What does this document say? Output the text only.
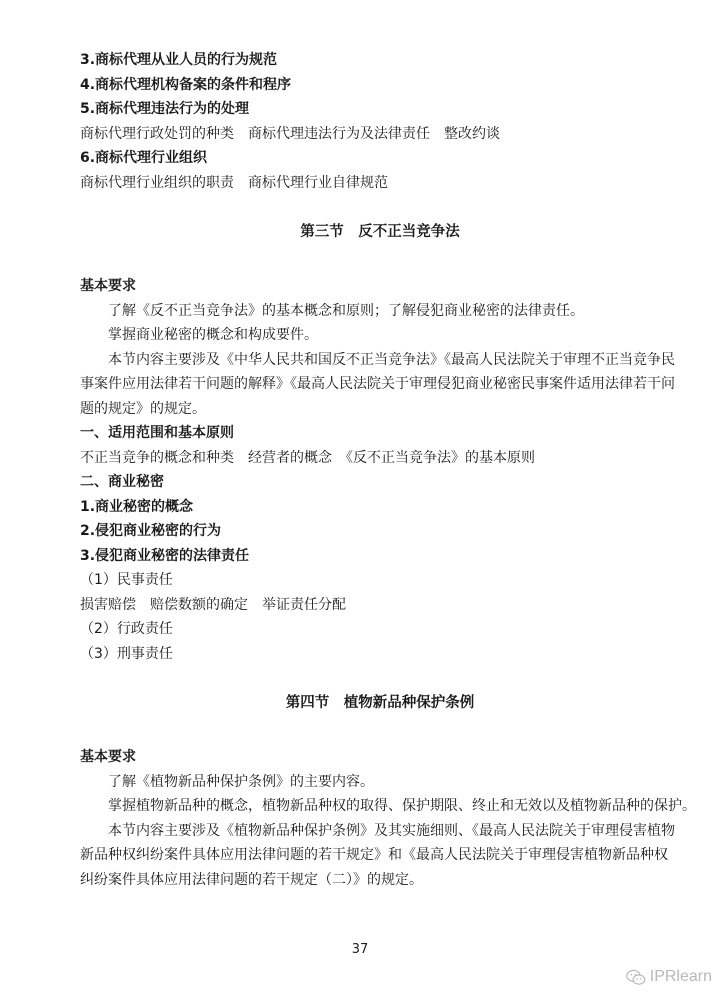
3.商标代理从业人员的行为规范
4.商标代理机构备案的条件和程序
5.商标代理违法行为的处理
商标代理行政处罚的种类　商标代理违法行为及法律责任　整改约谈
6.商标代理行业组织
商标代理行业组织的职责　商标代理行业自律规范
第三节　反不正当竞争法
基本要求
了解《反不正当竞争法》的基本概念和原则；了解侵犯商业秘密的法律责任。
掌握商业秘密的概念和构成要件。
本节内容主要涉及《中华人民共和国反不正当竞争法》《最高人民法院关于审理不正当竞争民事案件应用法律若干问题的解释》《最高人民法院关于审理侵犯商业秘密民事案件适用法律若干问题的规定》的规定。
一、适用范围和基本原则
不正当竞争的概念和种类　经营者的概念　《反不正当竞争法》的基本原则
二、商业秘密
1.商业秘密的概念
2.侵犯商业秘密的行为
3.侵犯商业秘密的法律责任
（1）民事责任
损害赔偿　赔偿数额的确定　举证责任分配
（2）行政责任
（3）刑事责任
第四节　植物新品种保护条例
基本要求
了解《植物新品种保护条例》的主要内容。
掌握植物新品种的概念，植物新品种权的取得、保护期限、终止和无效以及植物新品种的保护。
本节内容主要涉及《植物新品种保护条例》及其实施细则、《最高人民法院关于审理侵害植物新品种权纠纷案件具体应用法律问题的若干规定》和《最高人民法院关于审理侵害植物新品种权纠纷案件具体应用法律问题的若干规定（二）》的规定。
37
IPRlearn
